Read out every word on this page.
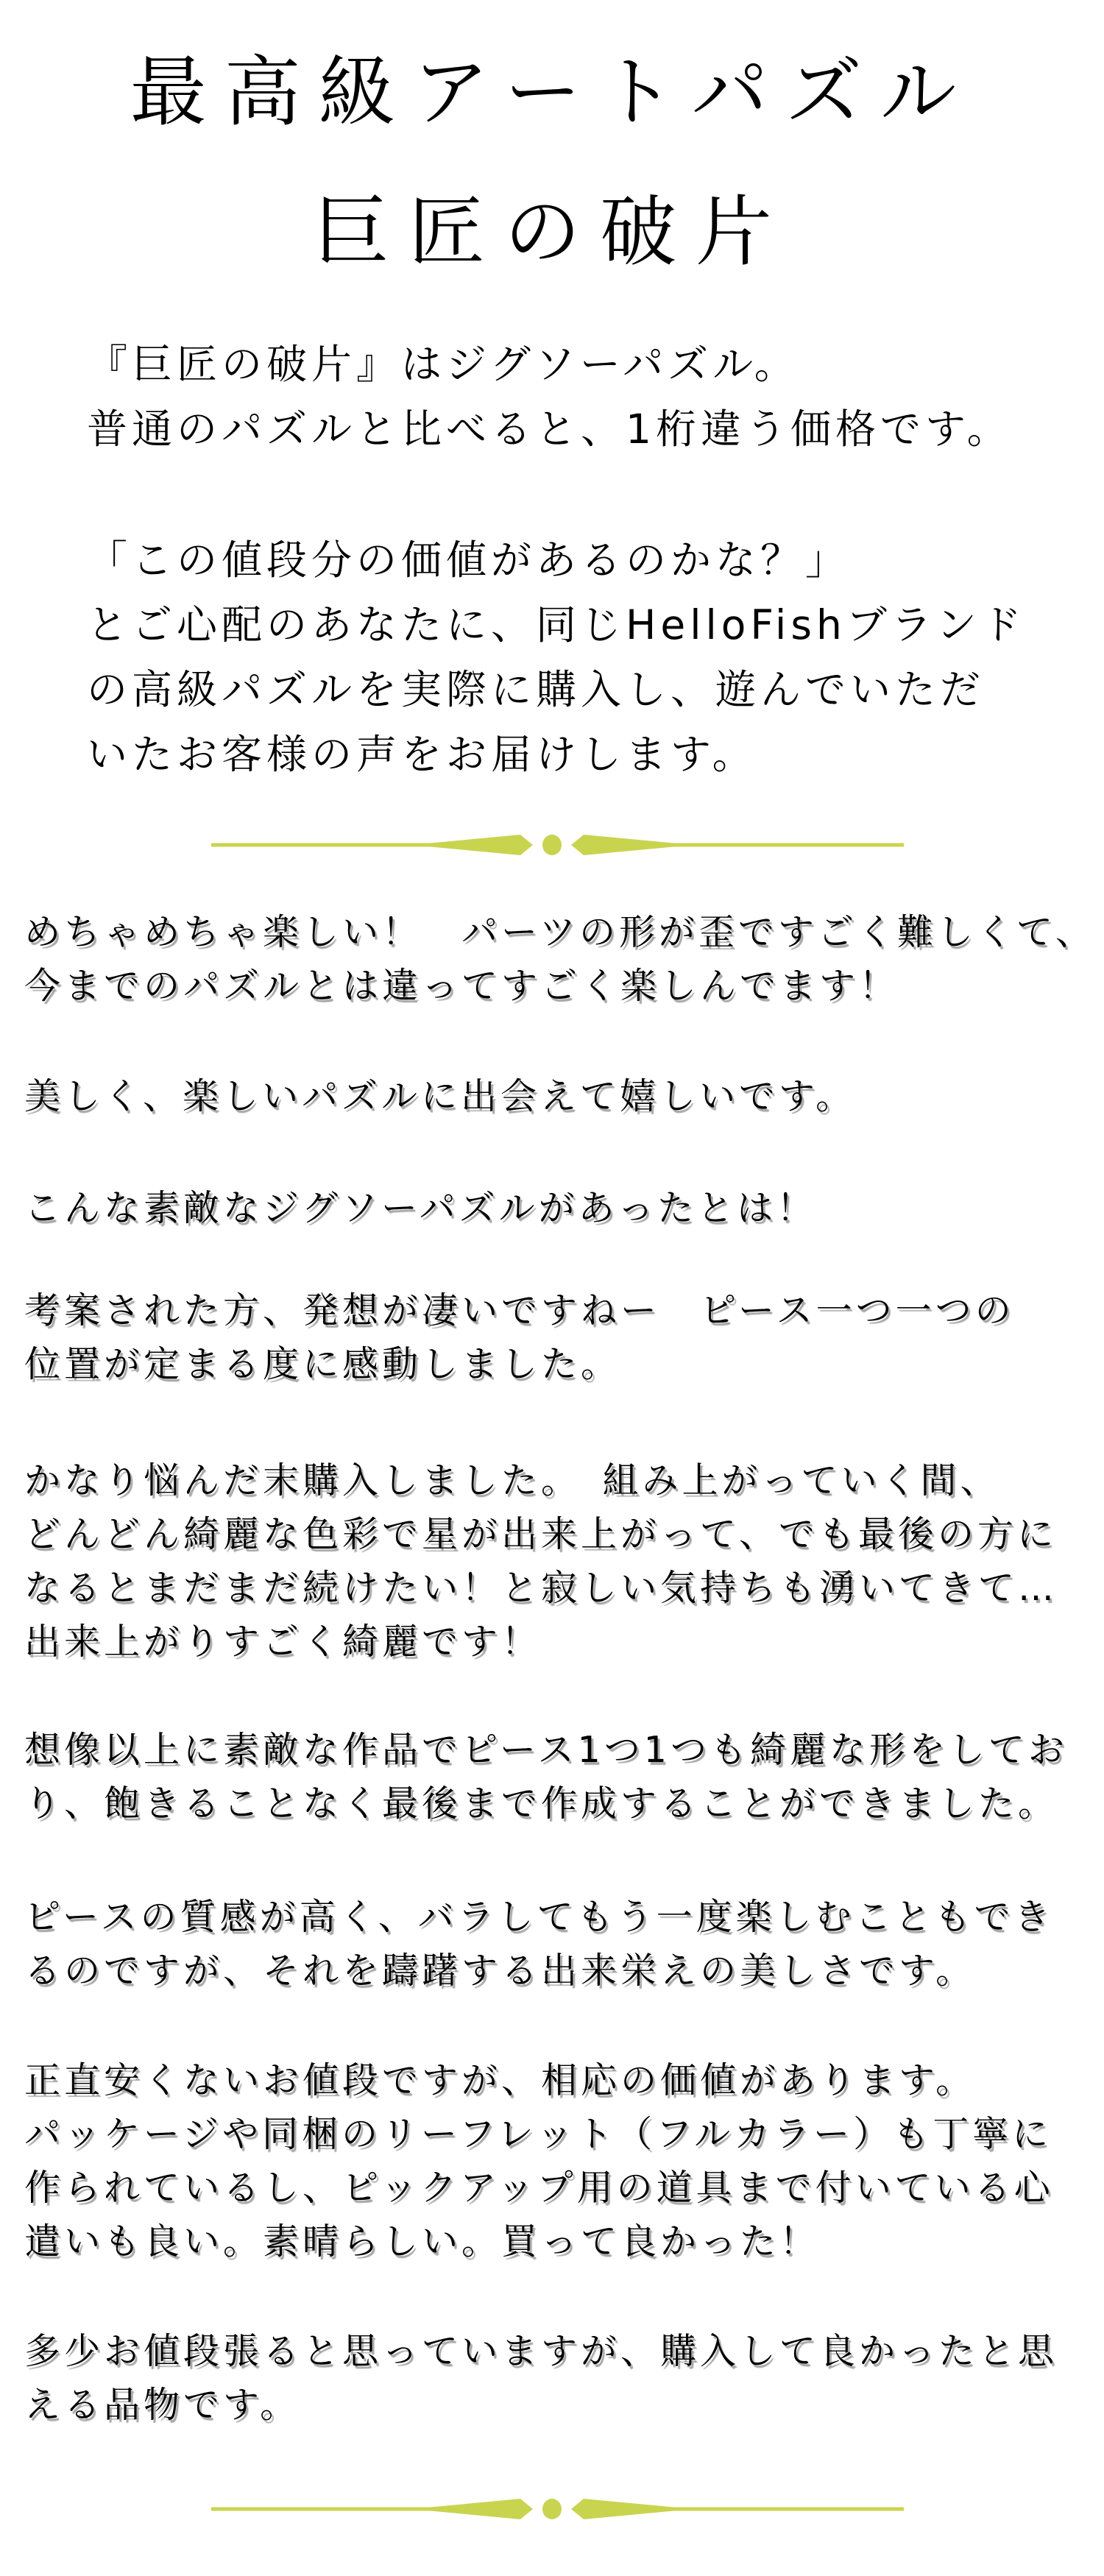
最高級アートパズル
巨匠の破片
『巨匠の破片』はジグソーパズル。
普通のパズルと比べると、1桁違う価格です。
「この値段分の価値があるのかな？」
とご心配のあなたに、同じHelloFishブランド
の高級パズルを実際に購入し、遊んでいただ
いたお客様の声をお届けします。
めちゃめちゃ楽しい！　パーツの形が歪ですごく難しくて、
今までのパズルとは違ってすごく楽しんでます！
美しく、楽しいパズルに出会えて嬉しいです。
こんな素敵なジグソーパズルがあったとは！
考案された方、発想が凄いですねー　ピース一つ一つの
位置が定まる度に感動しました。
かなり悩んだ末購入しました。　組み上がっていく間、
どんどん綺麗な色彩で星が出来上がって、でも最後の方に
なるとまだまだ続けたい！と寂しい気持ちも湧いてきて…
出来上がりすごく綺麗です！
想像以上に素敵な作品でピース1つ1つも綺麗な形をしてお
り、飽きることなく最後まで作成することができました。
ピースの質感が高く、バラしてもう一度楽しむこともでき
るのですが、それを躊躇する出来栄えの美しさです。
正直安くないお値段ですが、相応の価値があります。
パッケージや同梱のリーフレット（フルカラー）も丁寧に
作られているし、ピックアップ用の道具まで付いている心
遣いも良い。素晴らしい。買って良かった！
多少お値段張ると思っていますが、購入して良かったと思
える品物です。
